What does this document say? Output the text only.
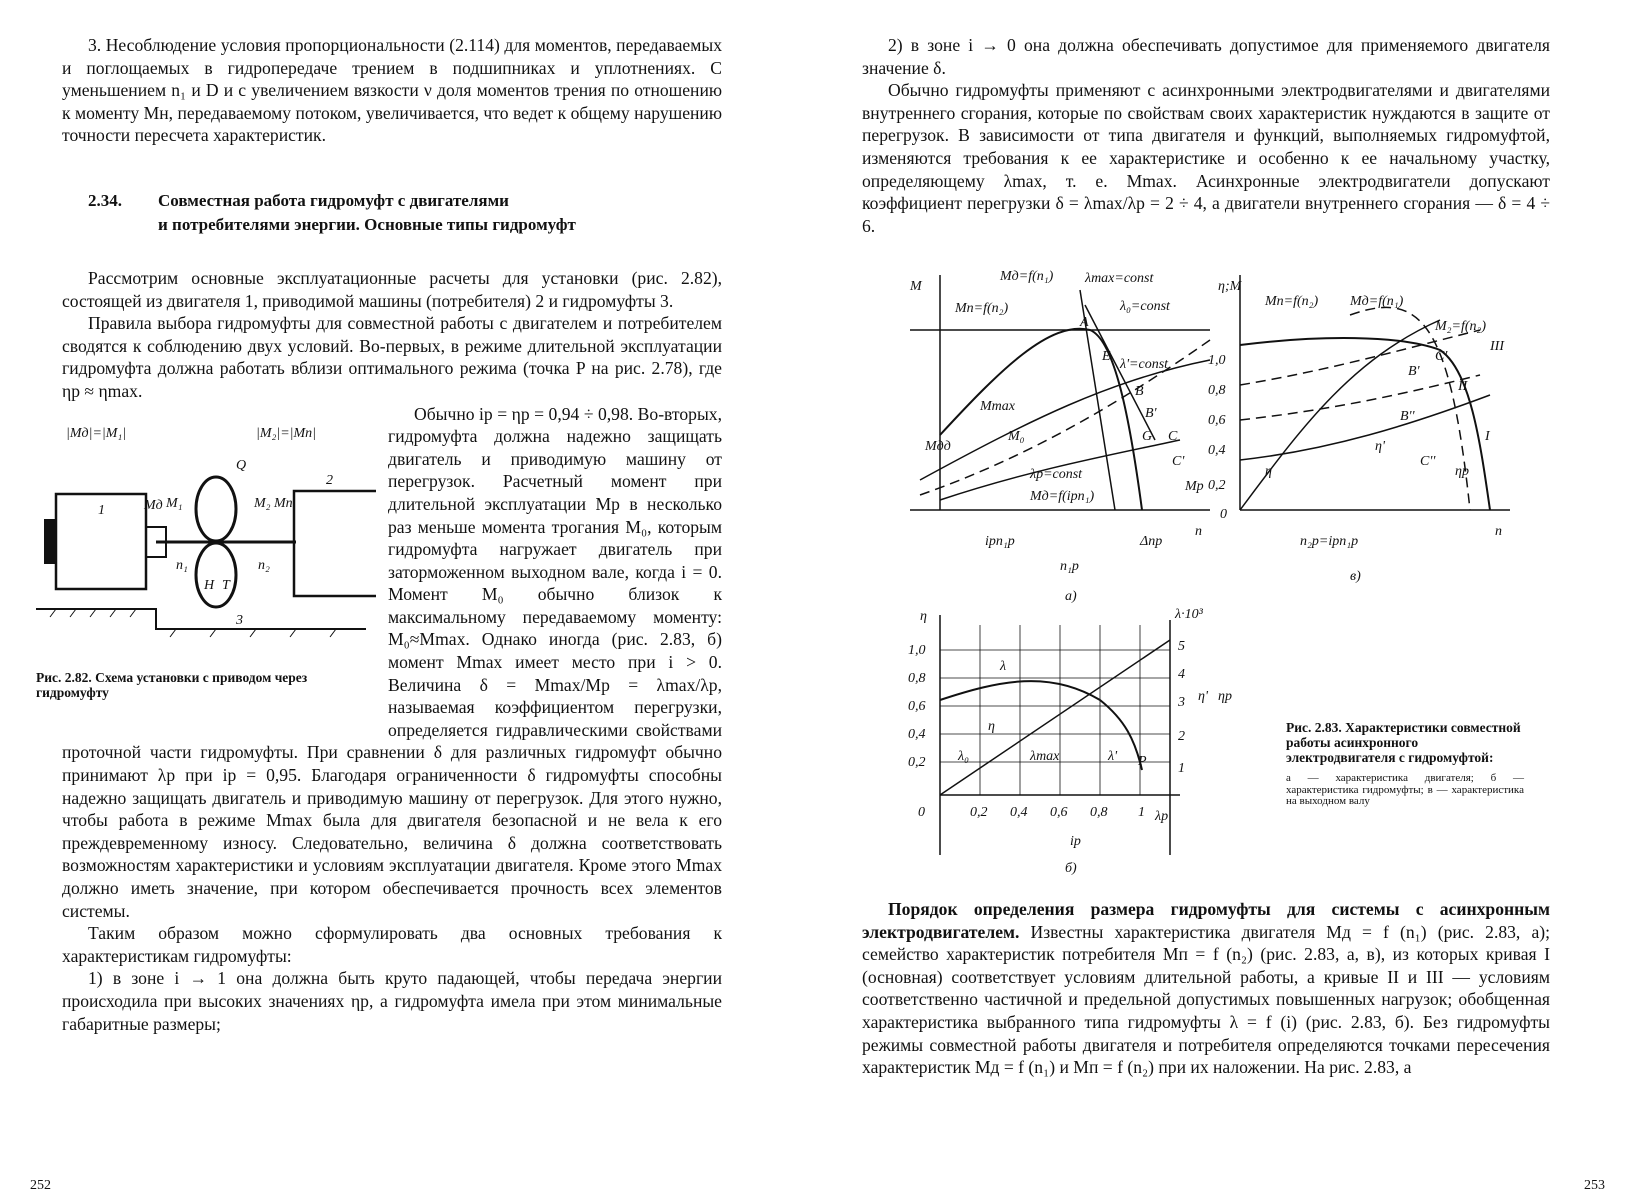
3. Несоблюдение условия пропорциональности (2.114) для моментов, передаваемых и поглощаемых в гидропередаче трением в подшипниках и уплотнениях. С уменьшением n₁ и D и с увеличением вязкости ν доля моментов трения по отношению к моменту Mн, передаваемому потоком, увеличивается, что ведет к общему нарушению точности пересчета характеристик.

2.34. Совместная работа гидромуфт с двигателями
и потребителями энергии. Основные типы гидромуфт

Рассмотрим основные эксплуатационные расчеты для установки (рис. 2.82), состоящей из двигателя 1, приводимой машины (потребителя) 2 и гидромуфты 3.

Правила выбора гидромуфты для совместной работы с двигателем и потребителем сводятся к соблюдению двух условий. Во-первых, в режиме длительной эксплуатации гидромуфта должна работать вблизи оптимального режима (точка P на рис. 2.78), где ηp ≈ ηmax.

|Mд|=|M₁|	|M₂|=|Mп|
1	Mд M₁
Q
M₂ Mп
2
n₁	n₂
H T
3
Рис. 2.82. Схема установки с приводом через гидромуфту
Обычно ip = ηp = 0,94 ÷ 0,98. Во-вторых, гидромуфта должна надежно защищать двигатель и приводимую машину от перегрузок. Расчетный момент при длительной эксплуатации Mp в несколько раз меньше момента трогания M₀, которым гидромуфта нагружает двигатель при заторможенном выходном вале, когда i = 0. Момент M₀ обычно близок к максимальному передаваемому моменту: M₀≈Mmax. Однако иногда (рис. 2.83, б) момент Mmax имеет место при i > 0. Величина δ = Mmax/Mp = λmax/λp, называемая коэффициентом перегрузки, определяется гидравлическими свойствами проточной части гидромуфты. При сравнении δ для различных гидромуфт обычно принимают λp при ip = 0,95. Благодаря ограниченности δ гидромуфты способны надежно защищать двигатель и приводимую машину от перегрузок. Для этого нужно, чтобы работа в режиме Mmax была для двигателя безопасной и не вела к его преждевременному износу. Следовательно, величина δ должна соответствовать возможностям характеристики и условиям эксплуатации двигателя. Кроме этого Mmax должно иметь значение, при котором обеспечивается прочность всех элементов системы.

Таким образом можно сформулировать два основных требования к характеристикам гидромуфты:

1) в зоне i → 1 она должна быть круто падающей, чтобы передача энергии происходила при высоких значениях ηp, а гидромуфта имела при этом минимальные габаритные размеры;

252

2) в зоне i → 0 она должна обеспечивать допустимое для применяемого двигателя значение δ.

Обычно гидромуфты применяют с асинхронными электродвигателями и двигателями внутреннего сгорания, которые по свойствам своих характеристик нуждаются в защите от перегрузок. В зависимости от типа двигателя и функций, выполняемых гидромуфтой, изменяются требования к ее характеристике и особенно к ее начальному участку, определяющему λmax, т. е. Mmax. Асинхронные электродвигатели допускают коэффициент перегрузки δ = λmax/λp = 2 ÷ 4, а двигатели внутреннего сгорания — δ = 4 ÷ 6.

M
Mд=f(n₁) λmax=const
λ₀=const
Mп=f(n₂)
A
E
λ'=const
B
B'
G C
C'
λp=const
Mд=f(ipn₁)
ipn₁p	Δnp
n₁p
n
а)
Mдд
Mmax
M₀
Mp
η;M
Mп=f(n₂) Mд=f(n₁)
M₂=f(n₂)
III
II
I
B'
B''
C'
C''
η
η'
ηp
n₂p=ipn₁p
n
в)
1,0
0,8
0,6
0,4
0,2
0
η	λ·10³
1,0
0,8
0,6
0,4
0,2
0	0,2 0,4 0,6 0,8 1
5
4
3
2
1
λ
η
λ₀	λmax	λ' P
ip
λp
η' ηp
б)
Рис. 2.83. Характеристики совместной работы асинхронного электродвигателя с гидромуфтой:
а — характеристика двигателя; б — характеристика гидромуфты; в — характеристика на выходном валу

Порядок определения размера гидромуфты для системы с асинхронным электродвигателем. Известны характеристика двигателя Mд = f (n₁) (рис. 2.83, а); семейство характеристик потребителя Mп = f (n₂) (рис. 2.83, а, в), из которых кривая I (основная) соответствует условиям длительной работы, а кривые II и III — условиям соответственно частичной и предельной допустимых повышенных нагрузок; обобщенная характеристика выбранного типа гидромуфты λ = f (i) (рис. 2.83, б). Без гидромуфты режимы совместной работы двигателя и потребителя определяются точками пересечения характеристик Mд = f (n₁) и Mп = f (n₂) при их наложении. На рис. 2.83, а

253
